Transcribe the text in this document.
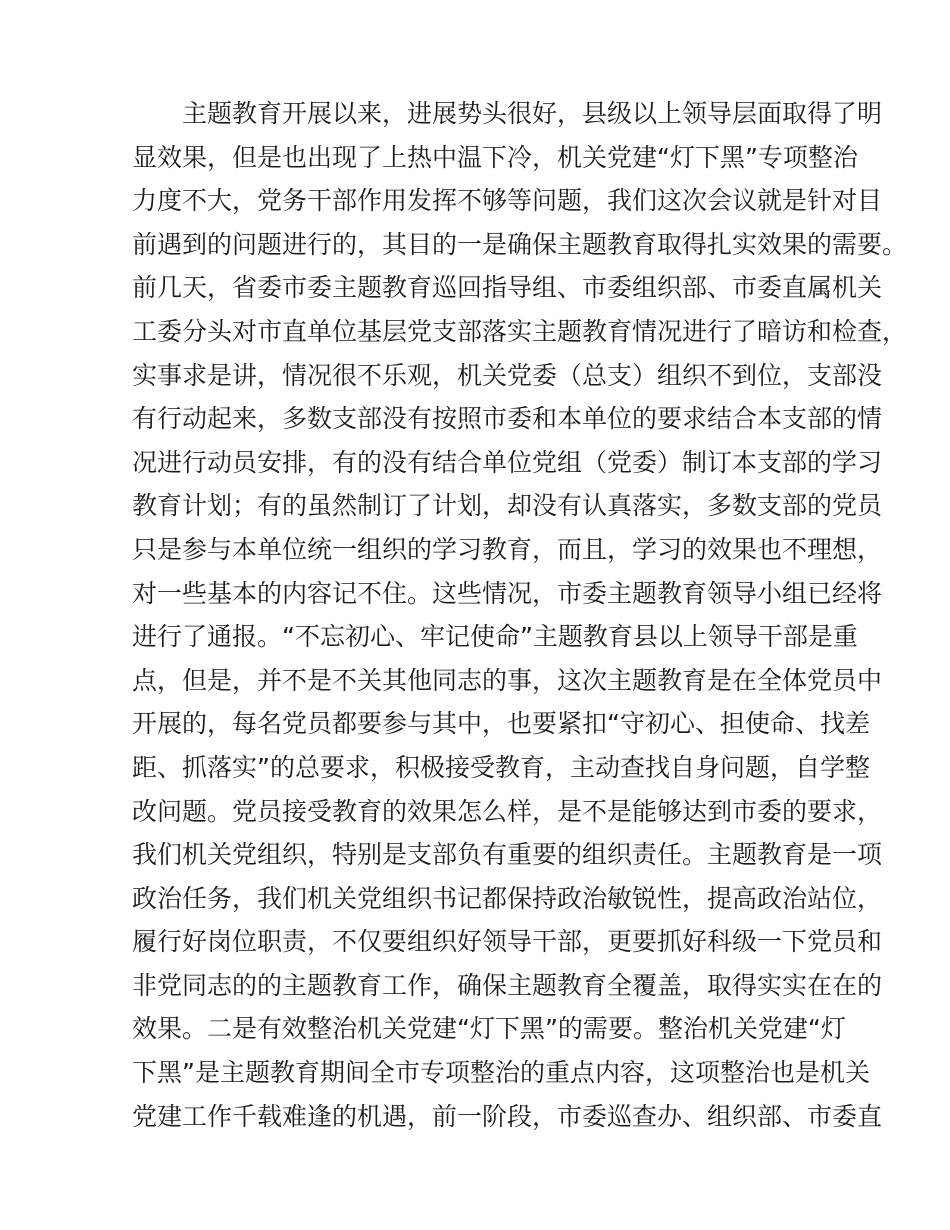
主题教育开展以来，进展势头很好，县级以上领导层面取得了明
显效果，但是也出现了上热中温下冷，机关党建“灯下黑”专项整治
力度不大，党务干部作用发挥不够等问题，我们这次会议就是针对目
前遇到的问题进行的，其目的一是确保主题教育取得扎实效果的需要。
前几天，省委市委主题教育巡回指导组、市委组织部、市委直属机关
工委分头对市直单位基层党支部落实主题教育情况进行了暗访和检查，
实事求是讲，情况很不乐观，机关党委（总支）组织不到位，支部没
有行动起来，多数支部没有按照市委和本单位的要求结合本支部的情
况进行动员安排，有的没有结合单位党组（党委）制订本支部的学习
教育计划；有的虽然制订了计划，却没有认真落实，多数支部的党员
只是参与本单位统一组织的学习教育，而且，学习的效果也不理想，
对一些基本的内容记不住。这些情况，市委主题教育领导小组已经将
进行了通报。“不忘初心、牢记使命”主题教育县以上领导干部是重
点，但是，并不是不关其他同志的事，这次主题教育是在全体党员中
开展的，每名党员都要参与其中，也要紧扣“守初心、担使命、找差
距、抓落实”的总要求，积极接受教育，主动查找自身问题，自学整
改问题。党员接受教育的效果怎么样，是不是能够达到市委的要求，
我们机关党组织，特别是支部负有重要的组织责任。主题教育是一项
政治任务，我们机关党组织书记都保持政治敏锐性，提高政治站位，
履行好岗位职责，不仅要组织好领导干部，更要抓好科级一下党员和
非党同志的的主题教育工作，确保主题教育全覆盖，取得实实在在的
效果。二是有效整治机关党建“灯下黑”的需要。整治机关党建“灯
下黑”是主题教育期间全市专项整治的重点内容，这项整治也是机关
党建工作千载难逢的机遇，前一阶段，市委巡查办、组织部、市委直
